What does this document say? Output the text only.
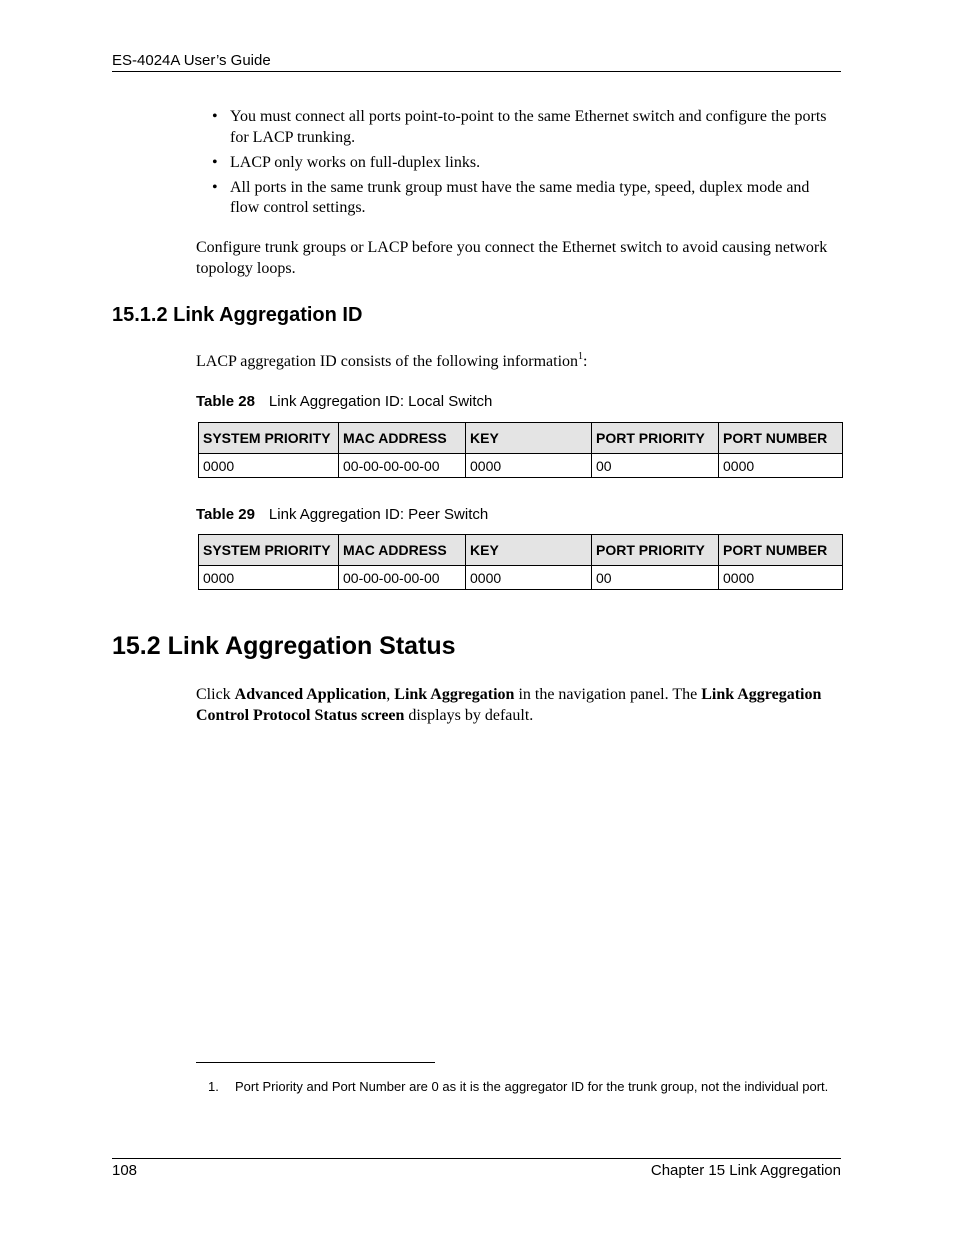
ES-4024A User’s Guide
• You must connect all ports point-to-point to the same Ethernet switch and configure the ports for LACP trunking.
• LACP only works on full-duplex links.
• All ports in the same trunk group must have the same media type, speed, duplex mode and flow control settings.
Configure trunk groups or LACP before you connect the Ethernet switch to avoid causing network topology loops.
15.1.2 Link Aggregation ID
LACP aggregation ID consists of the following information$^1$:
Table 28 Link Aggregation ID: Local Switch
SYSTEM PRIORITY	MAC ADDRESS	KEY	PORT PRIORITY	PORT NUMBER
0000	00-00-00-00-00	0000	00	0000
Table 29 Link Aggregation ID: Peer Switch
SYSTEM PRIORITY	MAC ADDRESS	KEY	PORT PRIORITY	PORT NUMBER
0000	00-00-00-00-00	0000	00	0000
15.2 Link Aggregation Status
Click Advanced Application, Link Aggregation in the navigation panel. The Link Aggregation Control Protocol Status screen displays by default.
1. Port Priority and Port Number are 0 as it is the aggregator ID for the trunk group, not the individual port.
108	Chapter 15 Link Aggregation
